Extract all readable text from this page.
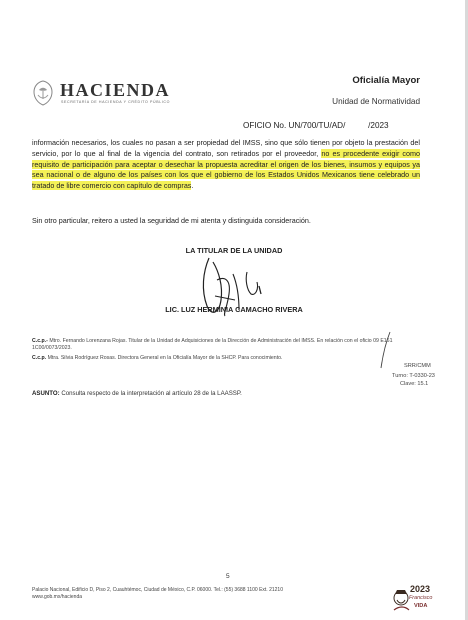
HACIENDA
SECRETARÍA DE HACIENDA Y CRÉDITO PÚBLICO
Oficialía Mayor
Unidad de Normatividad
OFICIO No. UN/700/TU/AD/          /2023
información necesarios, los cuales no pasan a ser propiedad del IMSS, sino que sólo tienen por objeto la prestación del servicio, por lo que al final de la vigencia del contrato, son retirados por el proveedor, no es procedente exigir como requisito de participación para aceptar o desechar la propuesta acreditar el origen de los bienes, insumos y equipos ya sea nacional o de alguno de los países con los que el gobierno de los Estados Unidos Mexicanos tiene celebrado un tratado de libre comercio con capítulo de compras.
Sin otro particular, reitero a usted la seguridad de mi atenta y distinguida consideración.
LA TITULAR DE LA UNIDAD
LIC. LUZ HERMINIA CAMACHO RIVERA
C.c.p.- Mtro. Fernando Lorenzana Rojas. Titular de la Unidad de Adquisiciones de la Dirección de Administración del IMSS. En relación con el oficio 09 E161 1C00/0073/2023.
C.c.p. Mtra. Silvia Rodríguez Rosas. Directora General en la Oficialía Mayor de la SHCP. Para conocimiento.
SRR/CMM
Turno: T-0330-23
Clave: 15.1
ASUNTO: Consulta respecto de la interpretación al artículo 28 de la LAASSP.
5
Palacio Nacional, Edificio D, Piso 2, Cuauhtémoc, Ciudad de México, C.P. 06000. Tel.: (55) 3688 1100 Ext. 21210
www.gob.mx/hacienda
2023
Francisco
VIDA
